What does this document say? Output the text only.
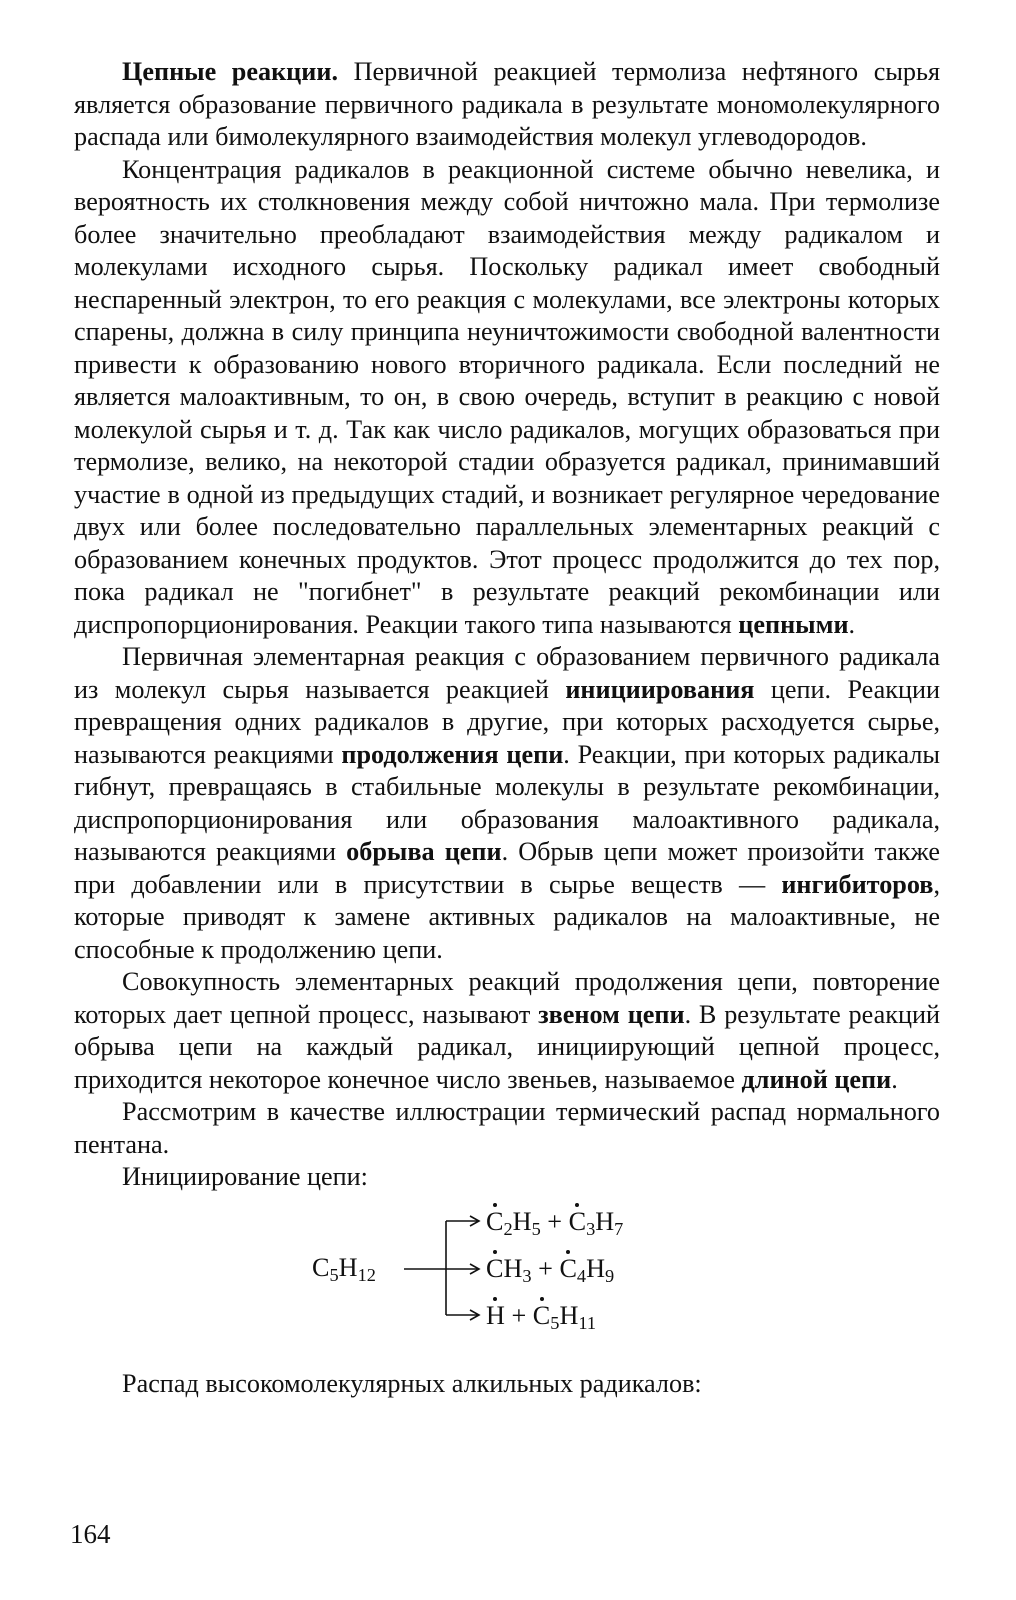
Цепные реакции. Первичной реакцией термолиза нефтяного сырья является образование первичного радикала в результате мономолекулярного распада или бимолекулярного взаимодействия молекул углеводородов.

Концентрация радикалов в реакционной системе обычно невелика, и вероятность их столкновения между собой ничтожно мала. При термолизе более значительно преобладают взаимодействия между радикалом и молекулами исходного сырья. Поскольку радикал имеет свободный неспаренный электрон, то его реакция с молекулами, все электроны которых спарены, должна в силу принципа неуничтожимости свободной валентности привести к образованию нового вторичного радикала. Если последний не является малоактивным, то он, в свою очередь, вступит в реакцию с новой молекулой сырья и т. д. Так как число радикалов, могущих образоватьcя при термолизе, велико, на некоторой стадии образуется радикал, принимавший участие в одной из предыдущих стадий, и возникает регулярное чередование двух или более последовательно параллельных элементарных реакций с образованием конечных продуктов. Этот процесс продолжится до тех пор, пока радикал не "погибнет" в результате реакций рекомбинации или диспропорционирования. Реакции такого типа называются цепными.

Первичная элементарная реакция с образованием первичного радикала из молекул сырья называется реакцией инициирования цепи. Реакции превращения одних радикалов в другие, при которых расходуется сырье, называются реакциями продолжения цепи. Реакции, при которых радикалы гибнут, превращаясь в стабильные молекулы в результате рекомбинации, диспропорционирования или образования малоактивного радикала, называются реакциями обрыва цепи. Обрыв цепи может произойти также при добавлении или в присутствии в сырье веществ — ингибиторов, которые приводят к замене активных радикалов на малоактивные, не способные к продолжению цепи.

Совокупность элементарных реакций продолжения цепи, повторение которых дает цепной процесс, называют звеном цепи. В результате реакций обрыва цепи на каждый радикал, инициирующий цепной процесс, приходится некоторое конечное число звеньев, называемое длиной цепи.

Рассмотрим в качестве иллюстрации термический распад нормального пентана.

Инициирование цепи:

$C_5H_{12}$
$C_2H_5 + C_3H_7$
$CH_3 + C_4H_9$
$H + C_5H_{11}$

Распад высокомолекулярных алкильных радикалов:

164
